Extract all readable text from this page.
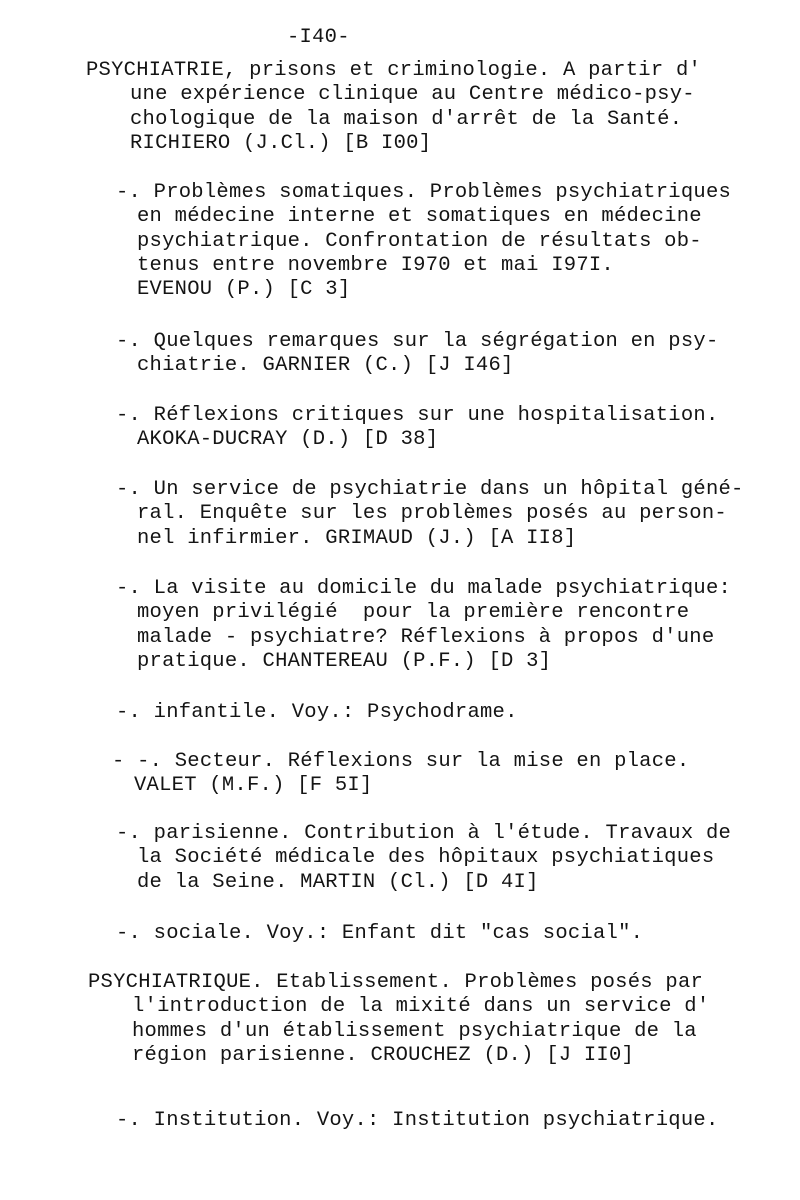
-I40-
PSYCHIATRIE, prisons et criminologie. A partir d'
une expérience clinique au Centre médico-psy-
chologique de la maison d'arrêt de la Santé.
RICHIERO (J.Cl.) [B I00]
-. Problèmes somatiques. Problèmes psychiatriques
en médecine interne et somatiques en médecine
psychiatrique. Confrontation de résultats ob-
tenus entre novembre I970 et mai I97I.
EVENOU (P.) [C 3]
-. Quelques remarques sur la ségrégation en psy-
chiatrie. GARNIER (C.) [J I46]
-. Réflexions critiques sur une hospitalisation.
AKOKA-DUCRAY (D.) [D 38]
-. Un service de psychiatrie dans un hôpital géné-
ral. Enquête sur les problèmes posés au person-
nel infirmier. GRIMAUD (J.) [A II8]
-. La visite au domicile du malade psychiatrique:
moyen privilégié  pour la première rencontre
malade - psychiatre? Réflexions à propos d'une
pratique. CHANTEREAU (P.F.) [D 3]
-. infantile. Voy.: Psychodrame.
- -. Secteur. Réflexions sur la mise en place.
VALET (M.F.) [F 5I]
-. parisienne. Contribution à l'étude. Travaux de
la Société médicale des hôpitaux psychiatiques
de la Seine. MARTIN (Cl.) [D 4I]
-. sociale. Voy.: Enfant dit "cas social".
PSYCHIATRIQUE. Etablissement. Problèmes posés par
l'introduction de la mixité dans un service d'
hommes d'un établissement psychiatrique de la
région parisienne. CROUCHEZ (D.) [J II0]
-. Institution. Voy.: Institution psychiatrique.
